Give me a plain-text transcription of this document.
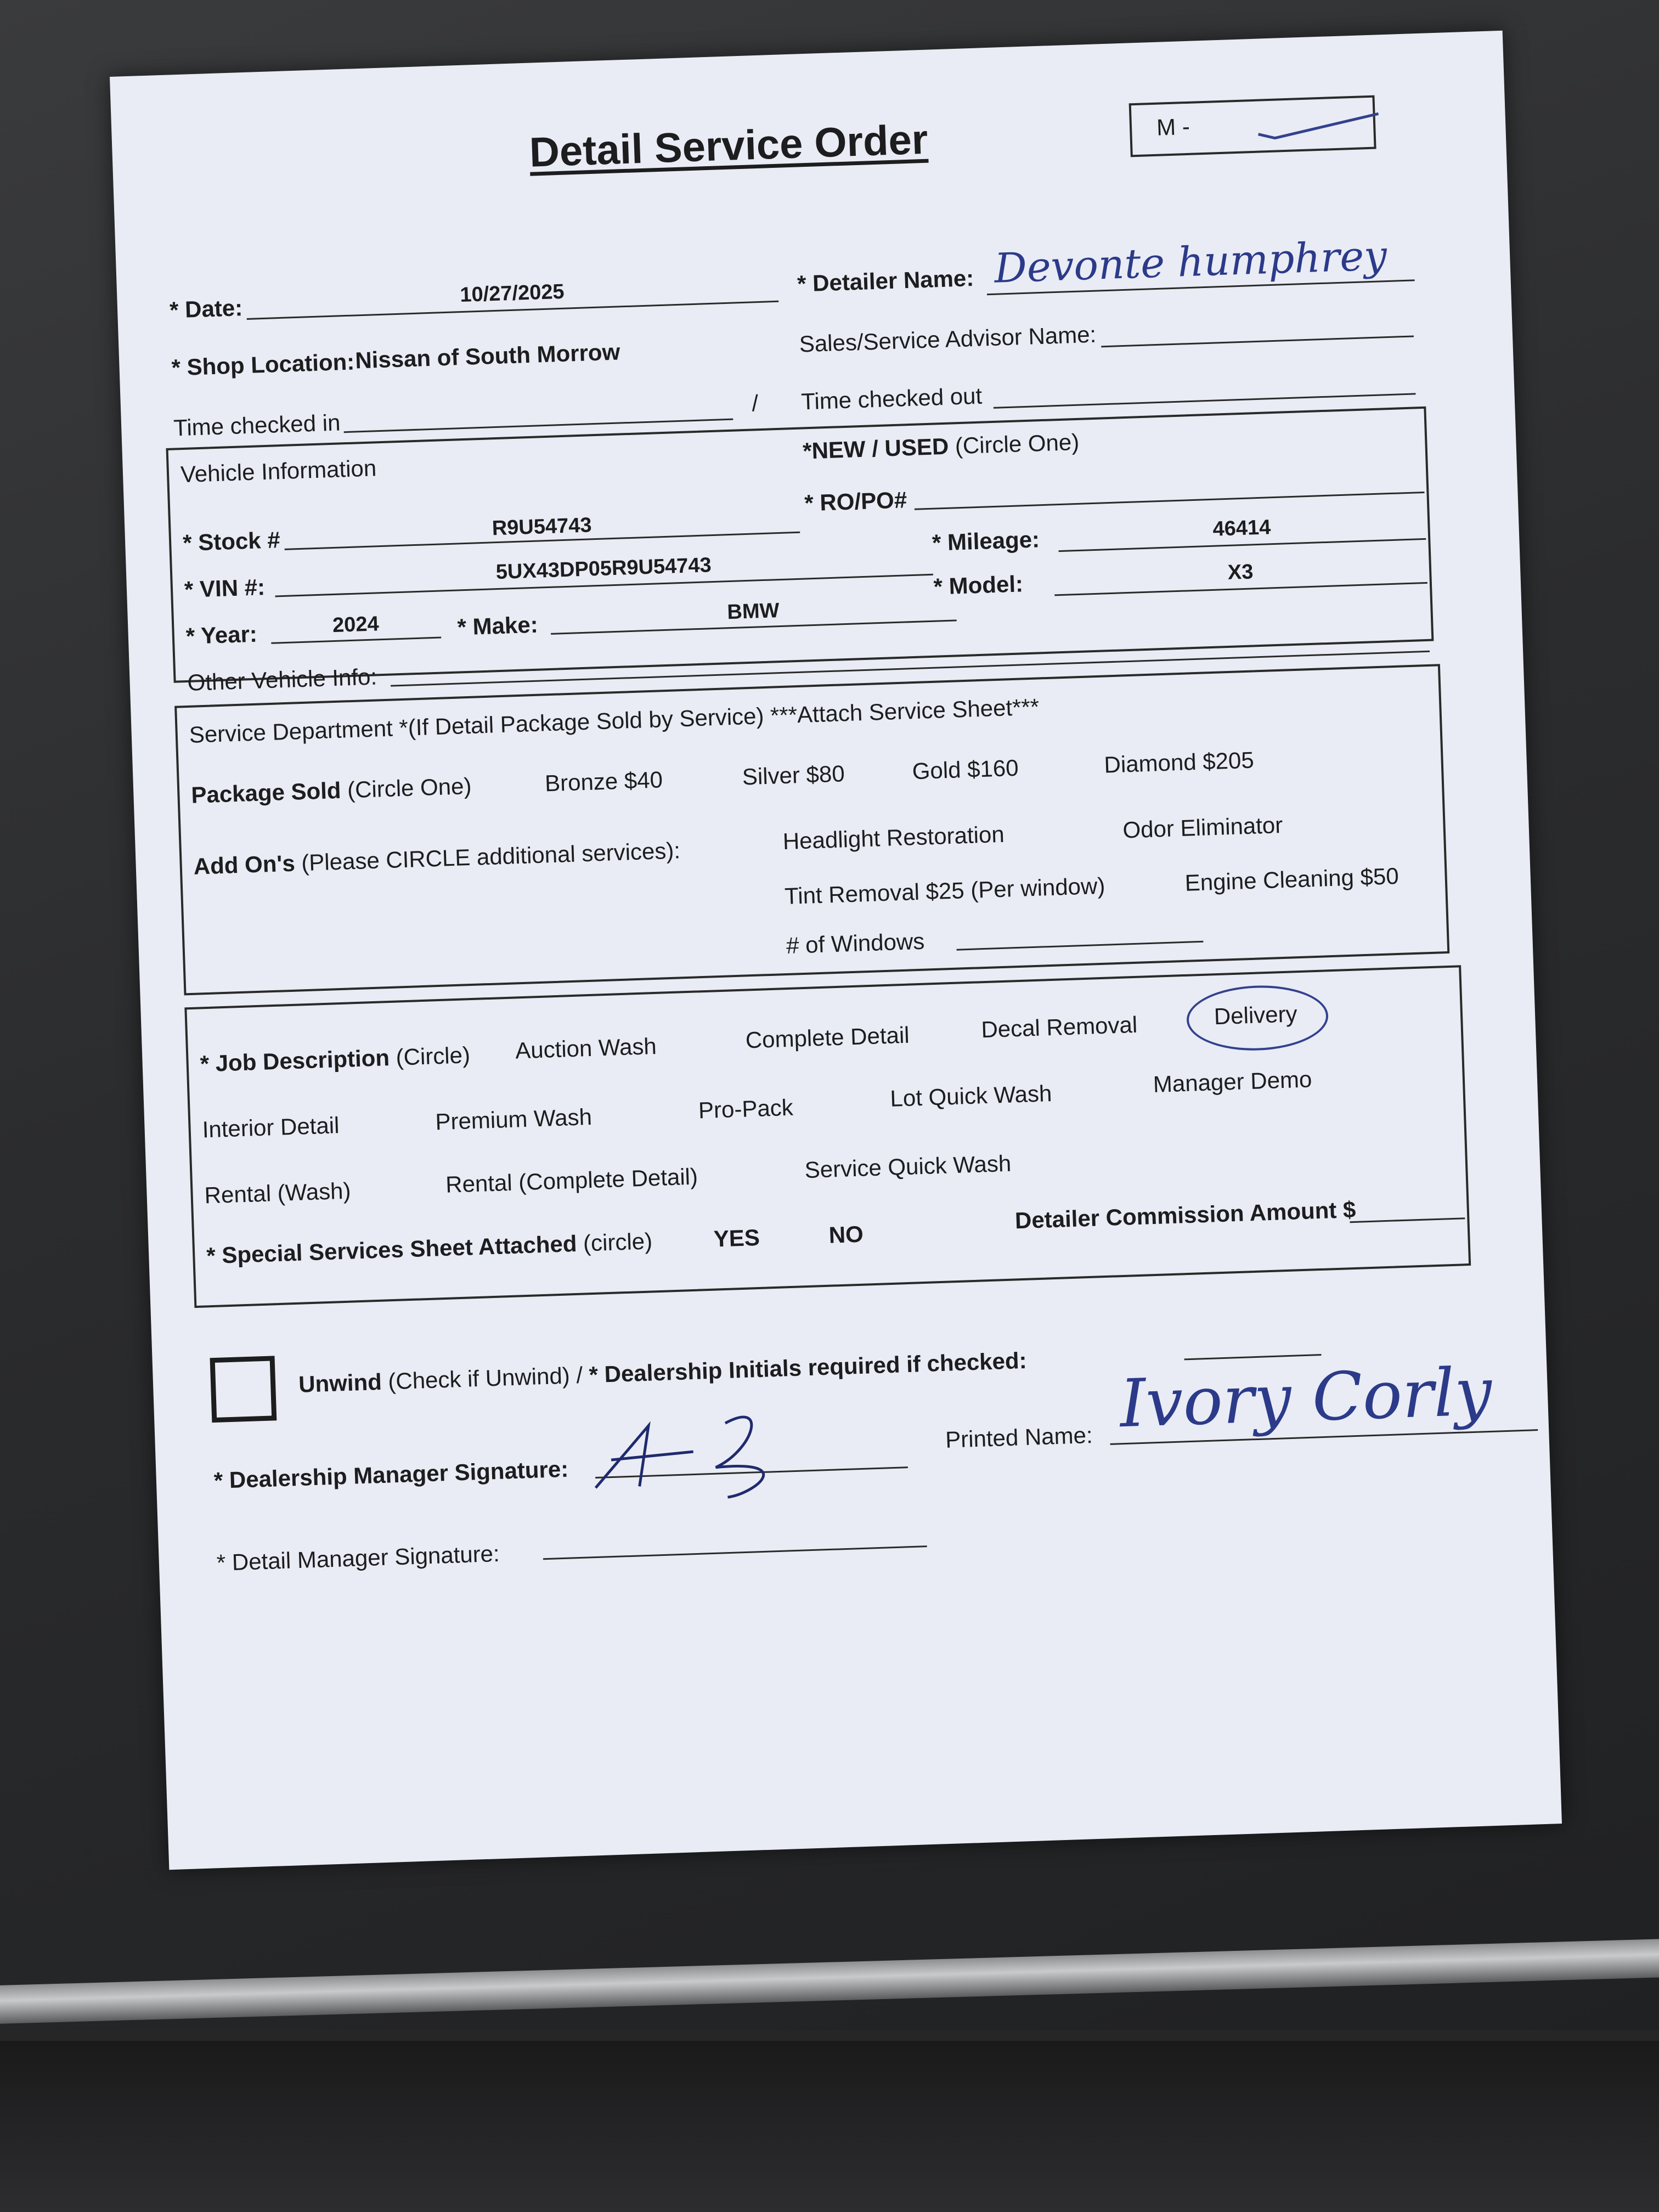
Detail Service Order	M -
* Date:
10/27/2025	* Detailer Name: Devonte humphrey
* Shop Location: Nissan of South Morrow	Sales/Service Advisor Name:
Time checked in
/ Time checked out
Vehicle Information
*NEW / USED (Circle One)
* RO/PO#
* Stock #	R9U54743	* Mileage:	46414
* VIN #:
5UX43DP05R9U54743
* Model:	X3
* Year:	2024	* Make:
BMW
Other Vehicle Info:
Service Department *(If Detail Package Sold by Service) ***Attach Service Sheet***
Package Sold (Circle One)	Bronze $40	Silver $80	Gold $160	Diamond $205
Add On's (Please CIRCLE additional services):	Headlight Restoration	Odor Eliminator
Tint Removal $25 (Per window)	Engine Cleaning $50
# of Windows
* Job Description (Circle) Auction Wash	Complete Detail	Decal Removal	Delivery
Interior Detail	Premium Wash	Pro-Pack	Lot Quick Wash	Manager Demo
Rental (Wash)	Rental (Complete Detail)	Service Quick Wash
* Special Services Sheet Attached (circle)	YES	NO
Detailer Commission Amount $
Unwind (Check if Unwind) / * Dealership Initials required if checked:
* Dealership Manager Signature:
Printed Name: Ivory Corly
* Detail Manager Signature:
